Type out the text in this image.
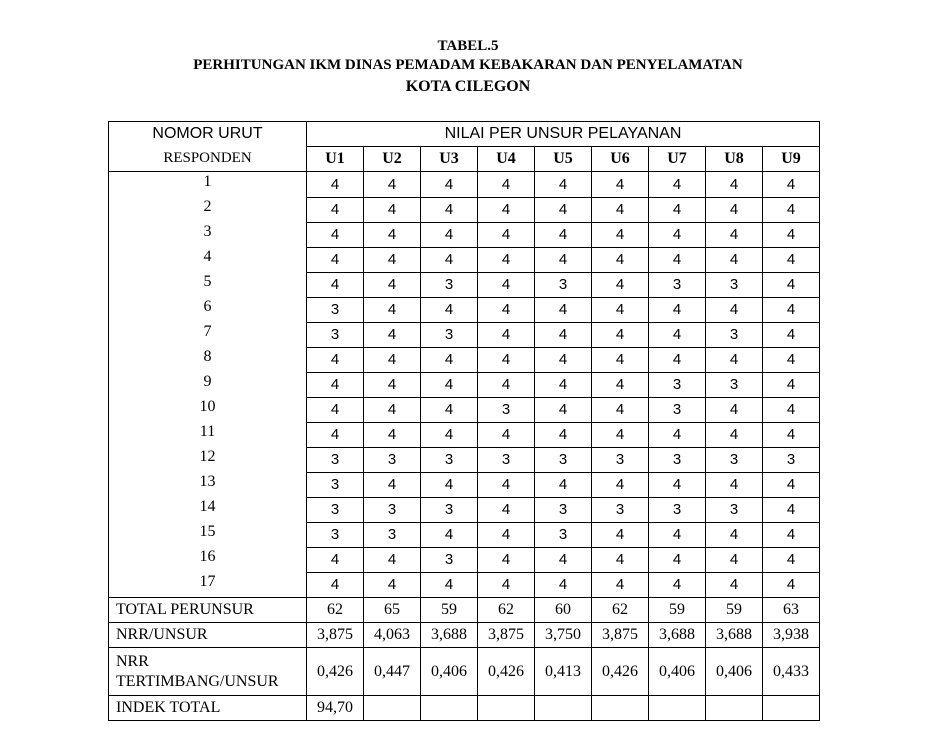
TABEL.5
PERHITUNGAN IKM DINAS PEMADAM KEBAKARAN DAN PENYELAMATAN
KOTA CILEGON
NOMOR URUT	NILAI PER UNSUR PELAYANAN								
RESPONDEN	U1	U2	U3	U4	U5	U6	U7	U8	U9
1	4	4	4	4	4	4	4	4	4
2	4	4	4	4	4	4	4	4	4
3	4	4	4	4	4	4	4	4	4
4	4	4	4	4	4	4	4	4	4
5	4	4	3	4	3	4	3	3	4
6	3	4	4	4	4	4	4	4	4
7	3	4	3	4	4	4	4	3	4
8	4	4	4	4	4	4	4	4	4
9	4	4	4	4	4	4	3	3	4
10	4	4	4	3	4	4	3	4	4
11	4	4	4	4	4	4	4	4	4
12	3	3	3	3	3	3	3	3	3
13	3	4	4	4	4	4	4	4	4
14	3	3	3	4	3	3	3	3	4
15	3	3	4	4	3	4	4	4	4
16	4	4	3	4	4	4	4	4	4
17	4	4	4	4	4	4	4	4	4
TOTAL PERUNSUR	62	65	59	62	60	62	59	59	63
NRR/UNSUR	3,875	4,063	3,688	3,875	3,750	3,875	3,688	3,688	3,938

NRR
TERTIMBANG/UNSUR	0,426	0,447	0,406	0,426	0,413	0,426	0,406	0,406	0,433
INDEK TOTAL	94,70								
